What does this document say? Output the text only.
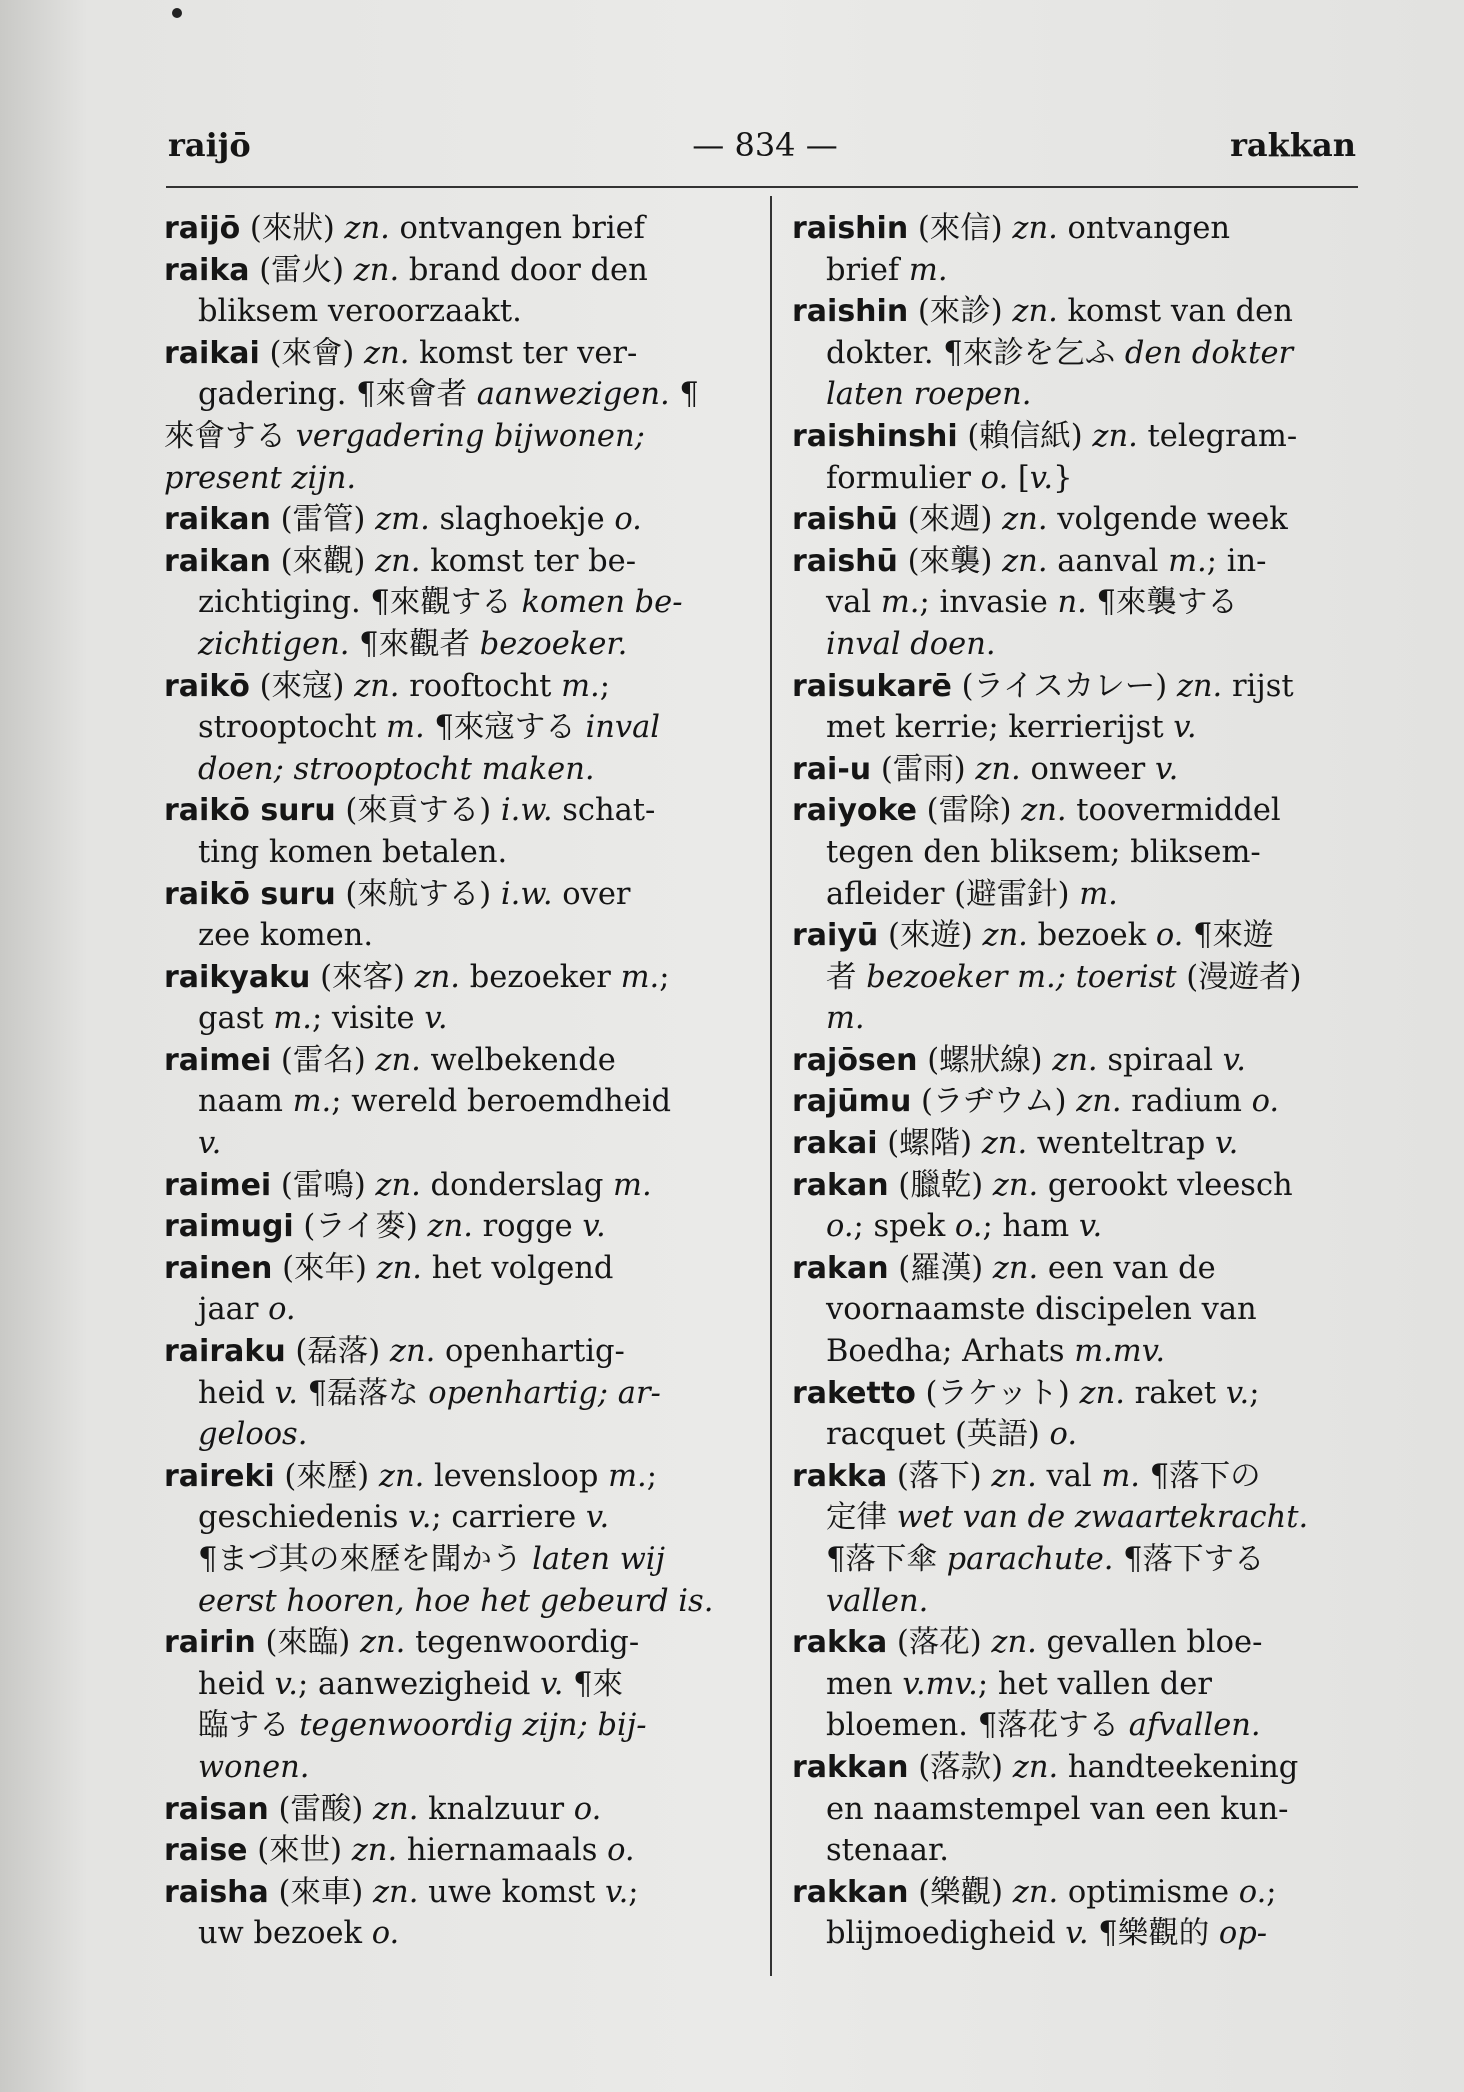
raijō	— 834 —	rakkan
raijō (來狀) zn. ontvangen brief
raika (雷火) zn. brand door den
bliksem veroorzaakt.
raikai (來會) zn. komst ter ver-
gadering. ¶來會者 aanwezigen. ¶
來會する vergadering bijwonen;
present zijn.
raikan (雷管) zm. slaghoekje o.
raikan (來觀) zn. komst ter be-
zichtiging. ¶來觀する komen be-
zichtigen. ¶來觀者 bezoeker.
raikō (來寇) zn. rooftocht m.;
strooptocht m. ¶來寇する inval
doen; strooptocht maken.
raikō suru (來貢する) i.w. schat-
ting komen betalen.
raikō suru (來航する) i.w. over
zee komen.
raikyaku (來客) zn. bezoeker m.;
gast m.; visite v.
raimei (雷名) zn. welbekende
naam m.; wereld beroemdheid
v.
raimei (雷鳴) zn. donderslag m.
raimugi (ライ麥) zn. rogge v.
rainen (來年) zn. het volgend
jaar o.
rairaku (磊落) zn. openhartig-
heid v. ¶磊落な openhartig; ar-
geloos.
raireki (來歷) zn. levensloop m.;
geschiedenis v.; carriere v.
¶まづ其の來歷を聞かう laten wij
eerst hooren, hoe het gebeurd is.
rairin (來臨) zn. tegenwoordig-
heid v.; aanwezigheid v. ¶來
臨する tegenwoordig zijn; bij-
wonen.
raisan (雷酸) zn. knalzuur o.
raise (來世) zn. hiernamaals o.
raisha (來車) zn. uwe komst v.;
uw bezoek o.
raishin (來信) zn. ontvangen
brief m.
raishin (來診) zn. komst van den
dokter. ¶來診を乞ふ den dokter
laten roepen.
raishinshi (賴信紙) zn. telegram-
formulier o. [v.}
raishū (來週) zn. volgende week
raishū (來襲) zn. aanval m.; in-
val m.; invasie n. ¶來襲する
inval doen.
raisukarē (ライスカレー) zn. rijst
met kerrie; kerrierijst v.
rai-u (雷雨) zn. onweer v.
raiyoke (雷除) zn. toovermiddel
tegen den bliksem; bliksem-
afleider (避雷針) m.
raiyū (來遊) zn. bezoek o. ¶來遊
者 bezoeker m.; toerist (漫遊者)
m.
rajōsen (螺狀線) zn. spiraal v.
rajūmu (ラヂウム) zn. radium o.
rakai (螺階) zn. wenteltrap v.
rakan (臘乾) zn. gerookt vleesch
o.; spek o.; ham v.
rakan (羅漢) zn. een van de
voornaamste discipelen van
Boedha; Arhats m.mv.
raketto (ラケット) zn. raket v.;
racquet (英語) o.
rakka (落下) zn. val m. ¶落下の
定律 wet van de zwaartekracht.
¶落下傘 parachute. ¶落下する
vallen.
rakka (落花) zn. gevallen bloe-
men v.mv.; het vallen der
bloemen. ¶落花する afvallen.
rakkan (落款) zn. handteekening
en naamstempel van een kun-
stenaar.
rakkan (樂觀) zn. optimisme o.;
blijmoedigheid v. ¶樂觀的 op-
